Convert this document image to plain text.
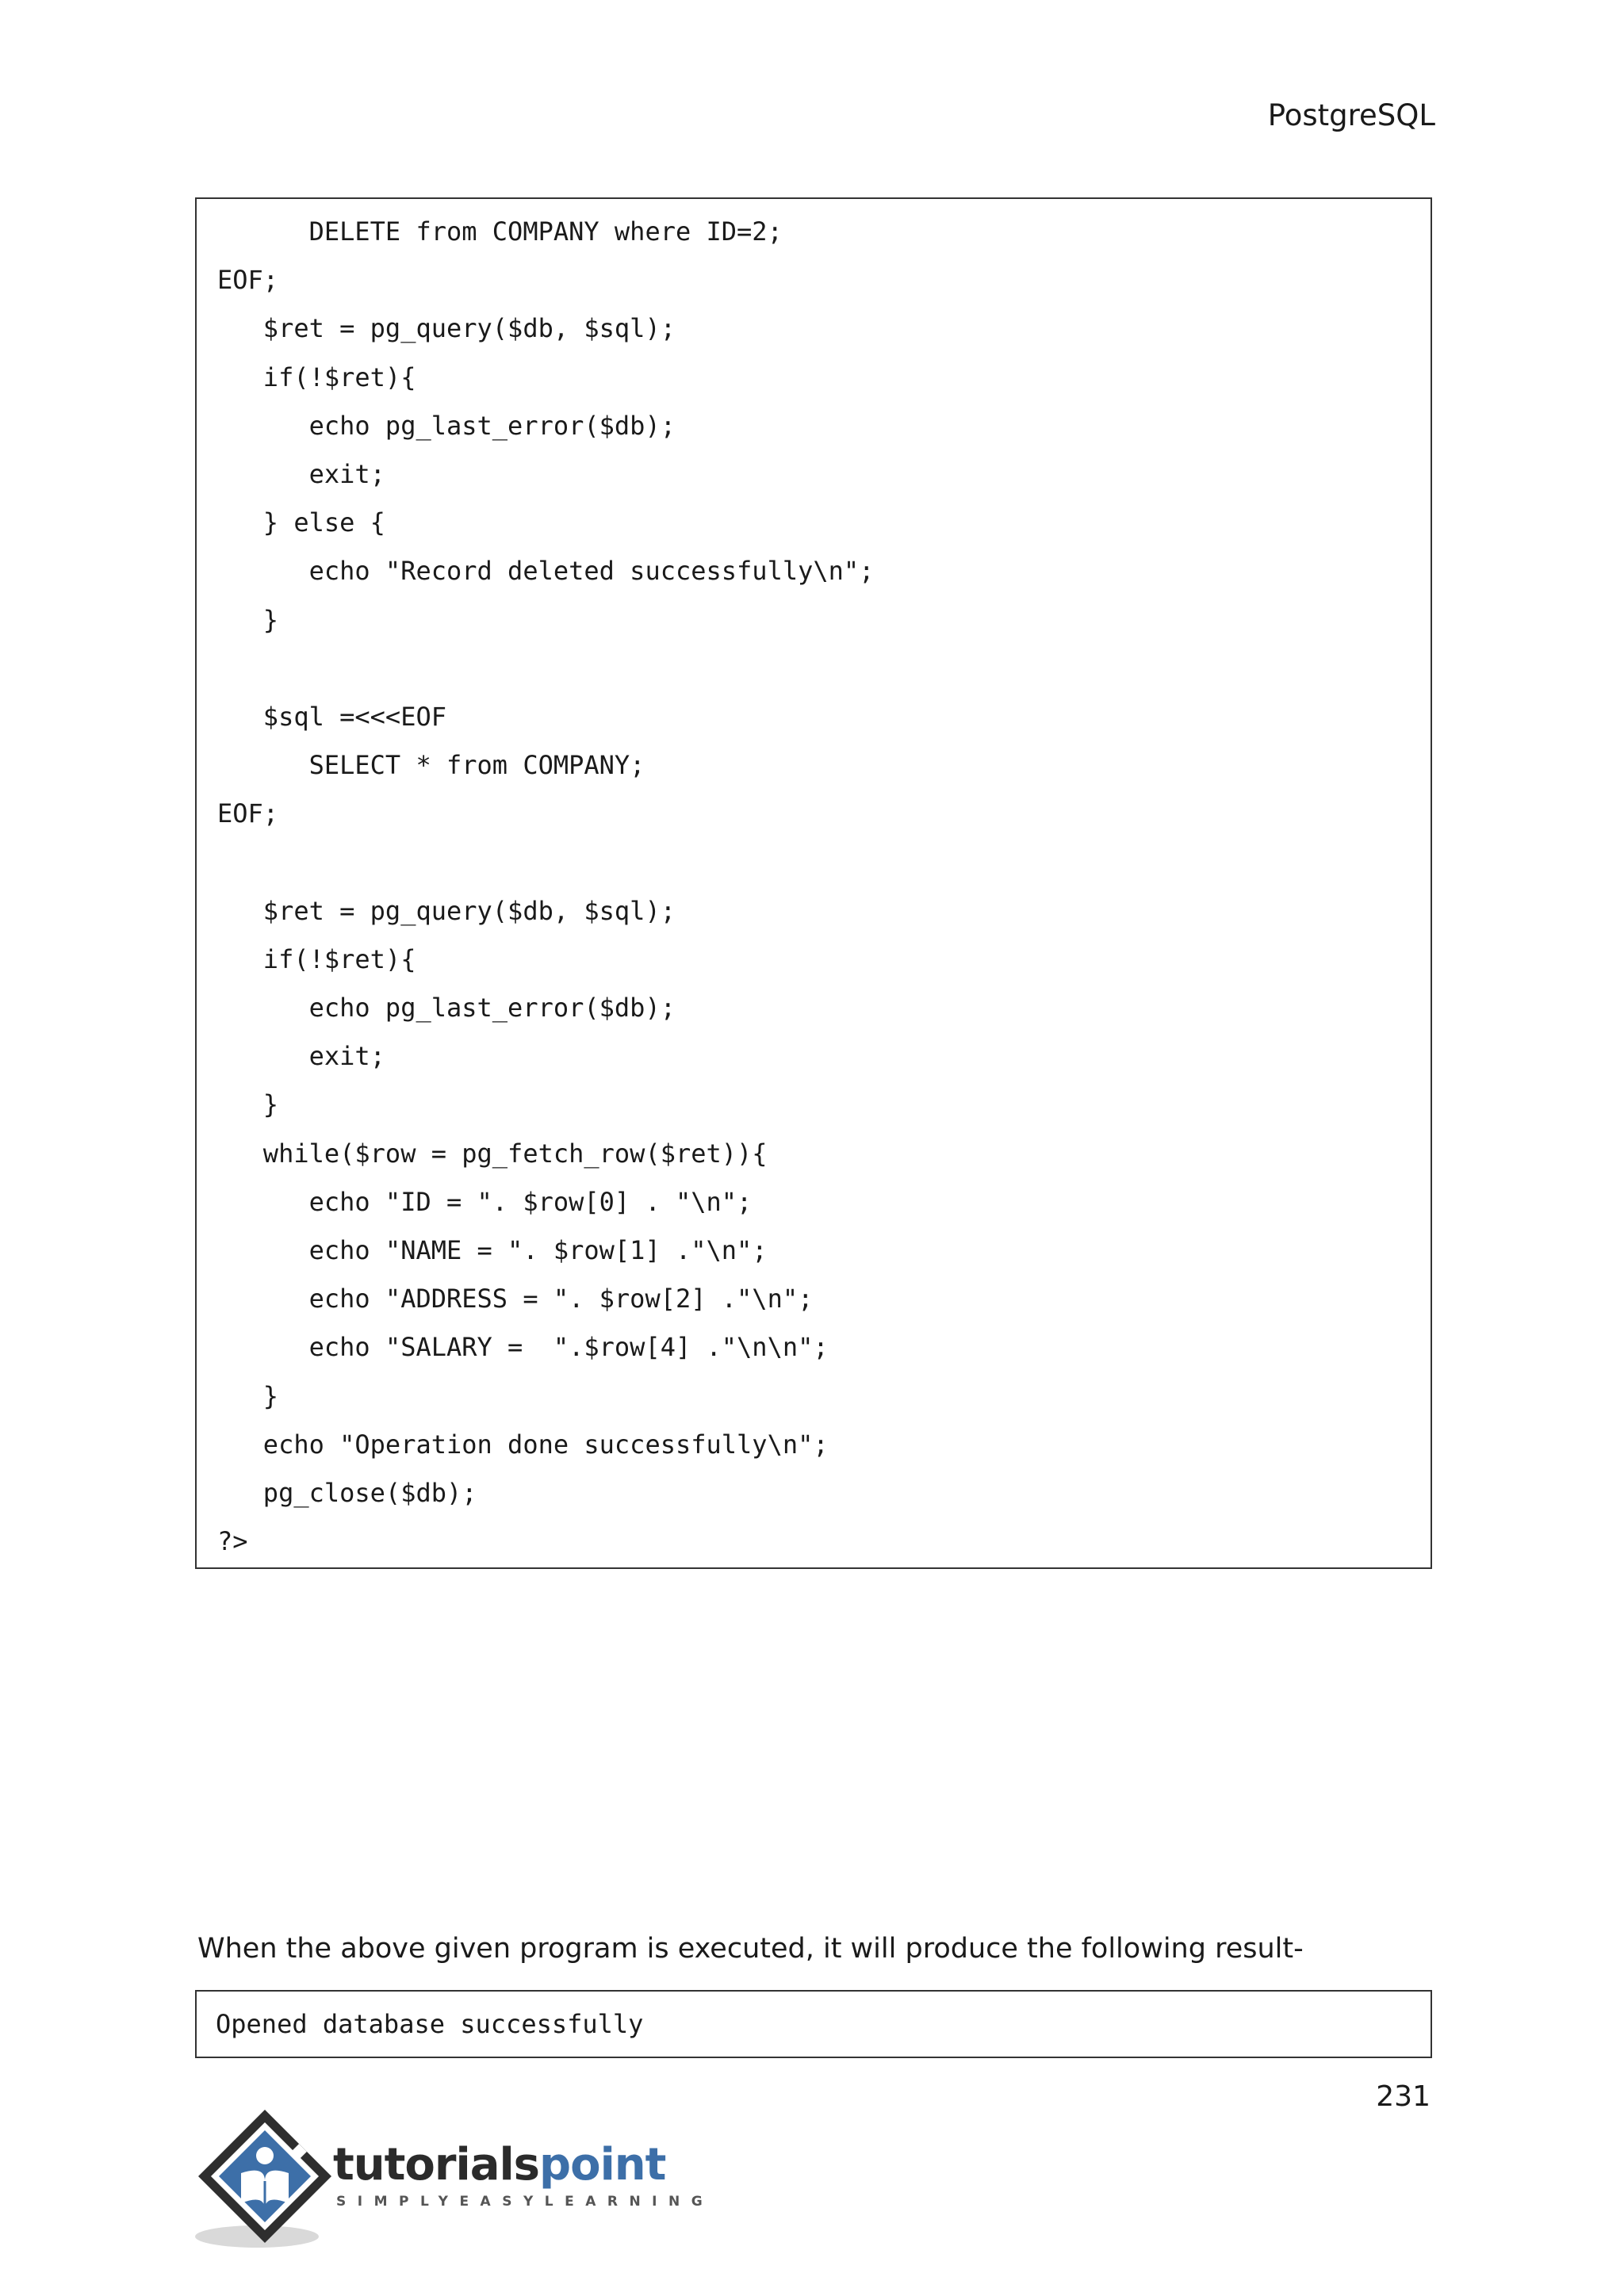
PostgreSQL
DELETE from COMPANY where ID=2;
EOF;
$ret = pg_query($db, $sql);
if(!$ret){
echo pg_last_error($db);
exit;
} else {
echo "Record deleted successfully\n";
}
$sql =<<<EOF
SELECT * from COMPANY;
EOF;
$ret = pg_query($db, $sql);
if(!$ret){
echo pg_last_error($db);
exit;
}
while($row = pg_fetch_row($ret)){
echo "ID = ". $row[0] . "\n";
echo "NAME = ". $row[1] ."\n";
echo "ADDRESS = ". $row[2] ."\n";
echo "SALARY =  ".$row[4] ."\n\n";
}
echo "Operation done successfully\n";
pg_close($db);
?>
When the above given program is executed, it will produce the following result-
Opened database successfully
231
tutorialspoint
SIMPLYEASYLEARNING
